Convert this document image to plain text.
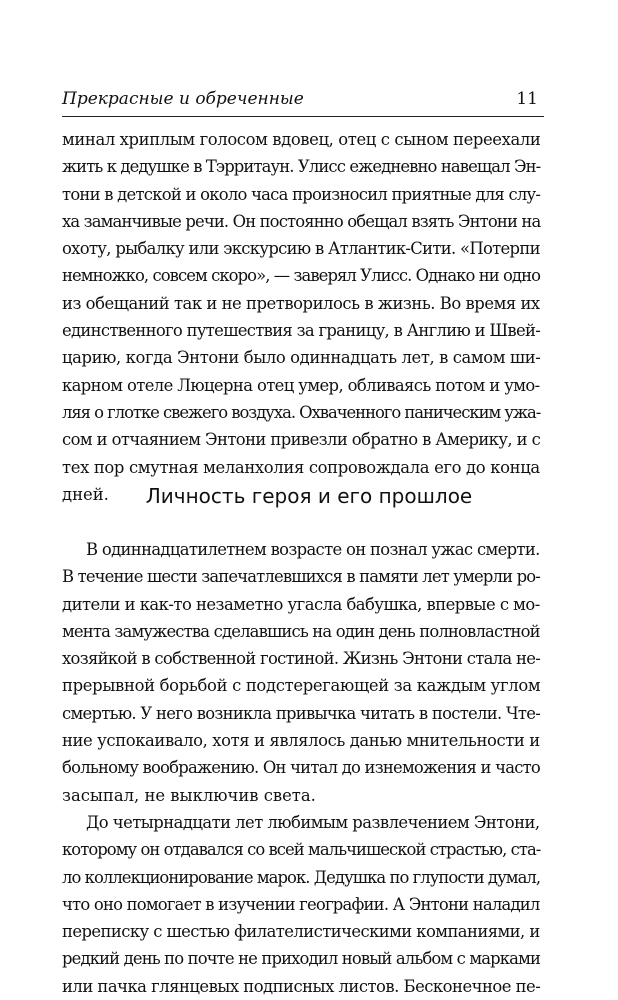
Прекрасные и обреченные	11
минал хриплым голосом вдовец, отец с сыном переехали
жить к дедушке в Тэрритаун. Улисс ежедневно навещал Эн-
тони в детской и около часа произносил приятные для слу-
ха заманчивые речи. Он постоянно обещал взять Энтони на
охоту, рыбалку или экскурсию в Атлантик-Сити. «Потерпи
немножко, совсем скоро», — заверял Улисс. Однако ни одно
из обещаний так и не претворилось в жизнь. Во время их
единственного путешествия за границу, в Англию и Швей-
царию, когда Энтони было одиннадцать лет, в самом ши-
карном отеле Люцерна отец умер, обливаясь потом и умо-
ляя о глотке свежего воздуха. Охваченного паническим ужа-
сом и отчаянием Энтони привезли обратно в Америку, и с
тех пор смутная меланхолия сопровождала его до конца
дней.	Личность героя и его прошлое
В одиннадцатилетнем возрасте он познал ужас смерти.
В течение шести запечатлевшихся в памяти лет умерли ро-
дители и как-то незаметно угасла бабушка, впервые с мо-
мента замужества сделавшись на один день полновластной
хозяйкой в собственной гостиной. Жизнь Энтони стала не-
прерывной борьбой с подстерегающей за каждым углом
смертью. У него возникла привычка читать в постели. Чте-
ние успокаивало, хотя и являлось данью мнительности и
больному воображению. Он читал до изнеможения и часто
засыпал, не выключив света.
До четырнадцати лет любимым развлечением Энтони,
которому он отдавался со всей мальчишеской страстью, ста-
ло коллекционирование марок. Дедушка по глупости думал,
что оно помогает в изучении географии. А Энтони наладил
переписку с шестью филателистическими компаниями, и
редкий день по почте не приходил новый альбом с марками
или пачка глянцевых подписных листов. Бесконечное пе-
